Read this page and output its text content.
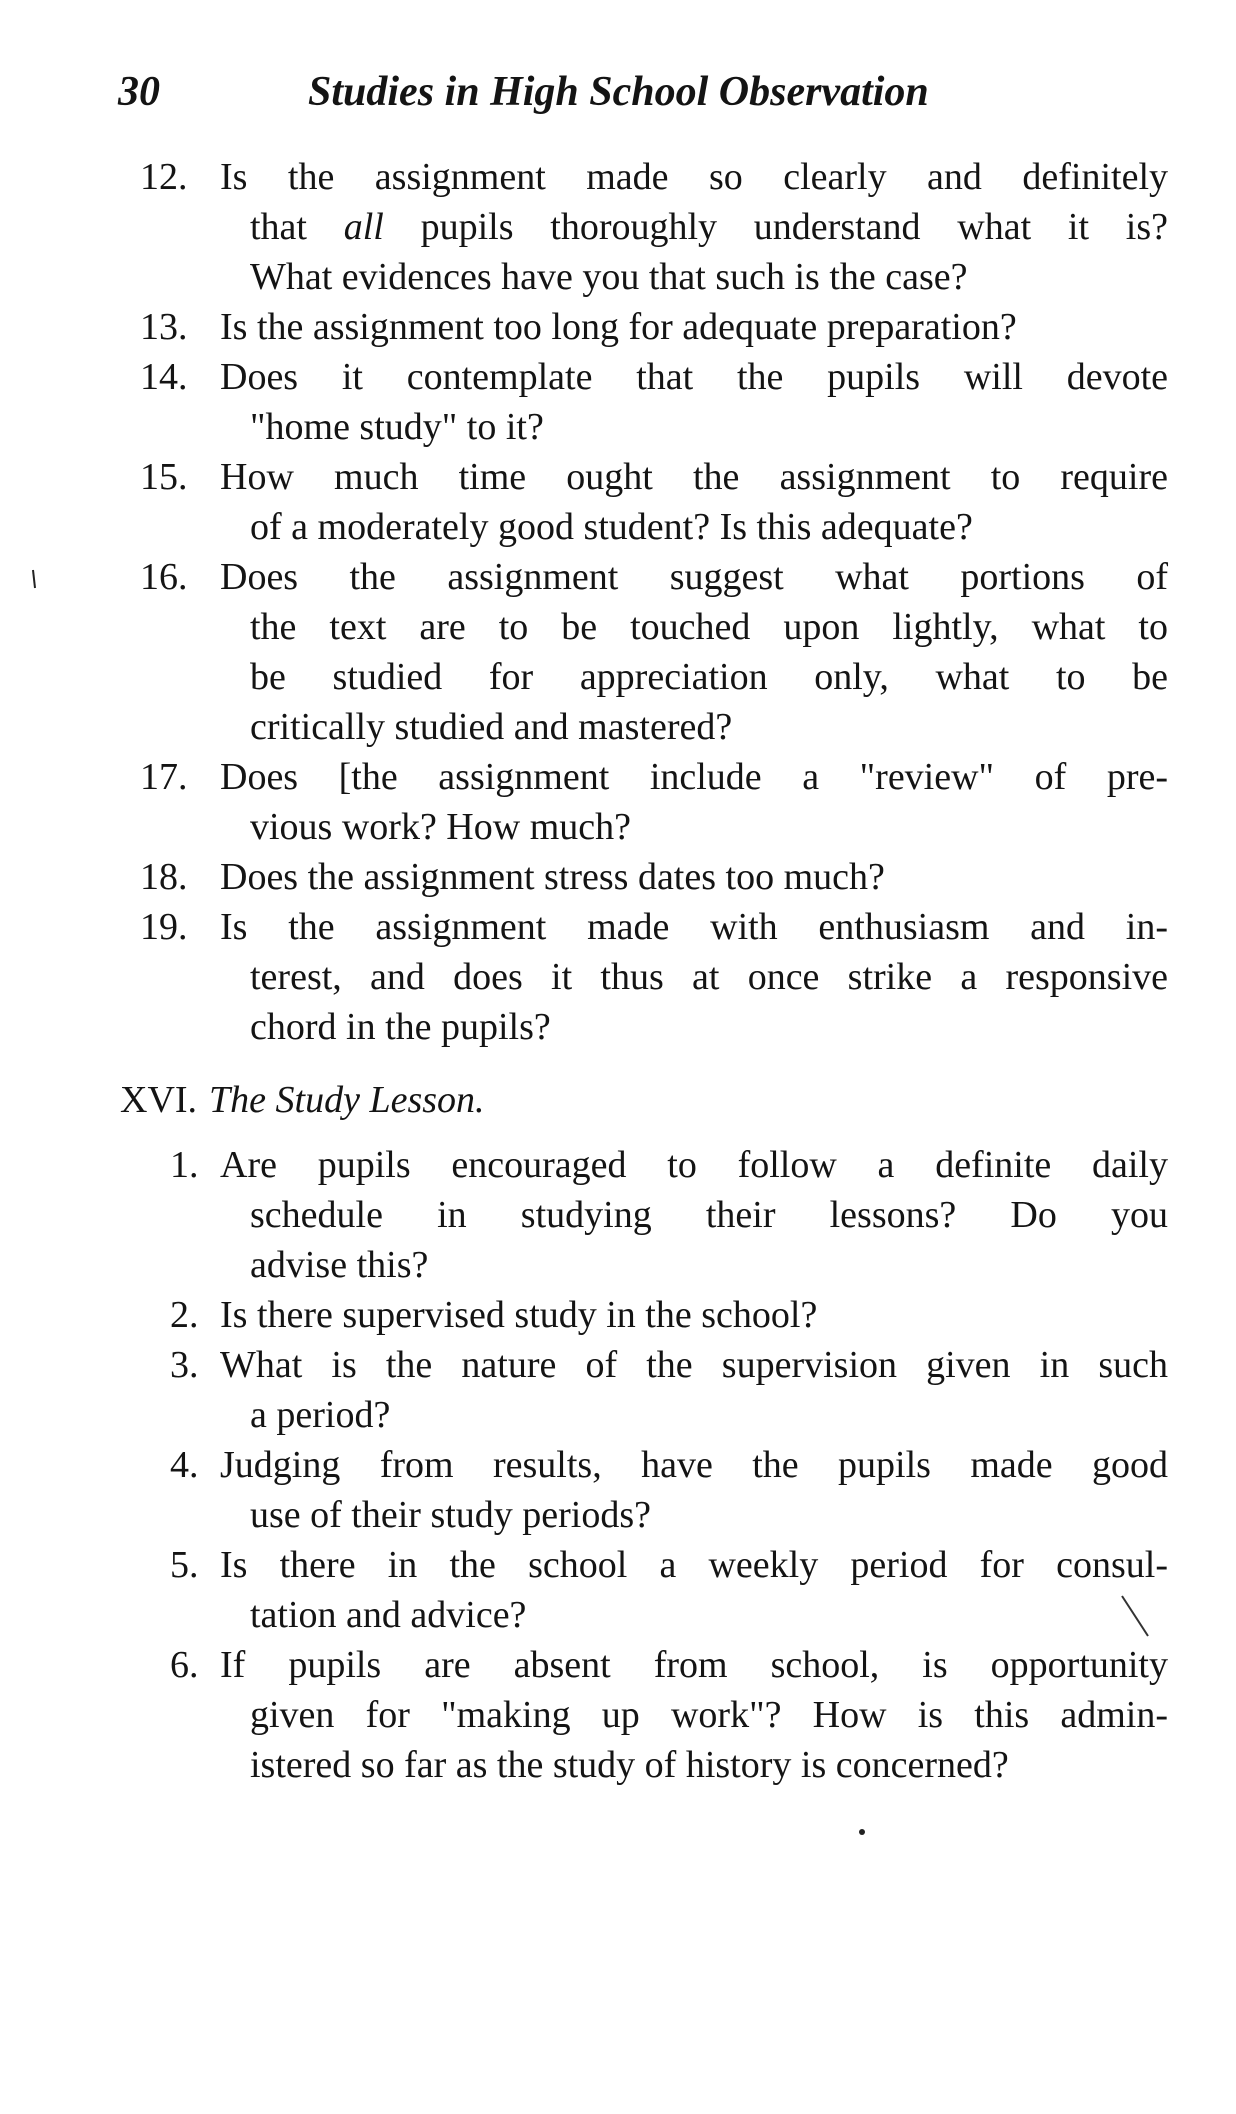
30	Studies in High School Observation
12. Is the assignment made so clearly and definitely
that all pupils thoroughly understand what it is?
What evidences have you that such is the case?
13. Is the assignment too long for adequate preparation?
14. Does it contemplate that the pupils will devote
"home study" to it?
15. How much time ought the assignment to require
of a moderately good student? Is this adequate?
16. Does the assignment suggest what portions of
the text are to be touched upon lightly, what to
be studied for appreciation only, what to be
critically studied and mastered?
17. Does [the assignment include a "review" of pre-
vious work? How much?
18. Does the assignment stress dates too much?
19. Is the assignment made with enthusiasm and in-
terest, and does it thus at once strike a responsive
chord in the pupils?
XVI. The Study Lesson.
1. Are pupils encouraged to follow a definite daily
schedule in studying their lessons? Do you
advise this?
2. Is there supervised study in the school?
3. What is the nature of the supervision given in such
a period?
4. Judging from results, have the pupils made good
use of their study periods?
5. Is there in the school a weekly period for consul-
tation and advice?
6. If pupils are absent from school, is opportunity
given for "making up work"? How is this admin-
istered so far as the study of history is concerned?
